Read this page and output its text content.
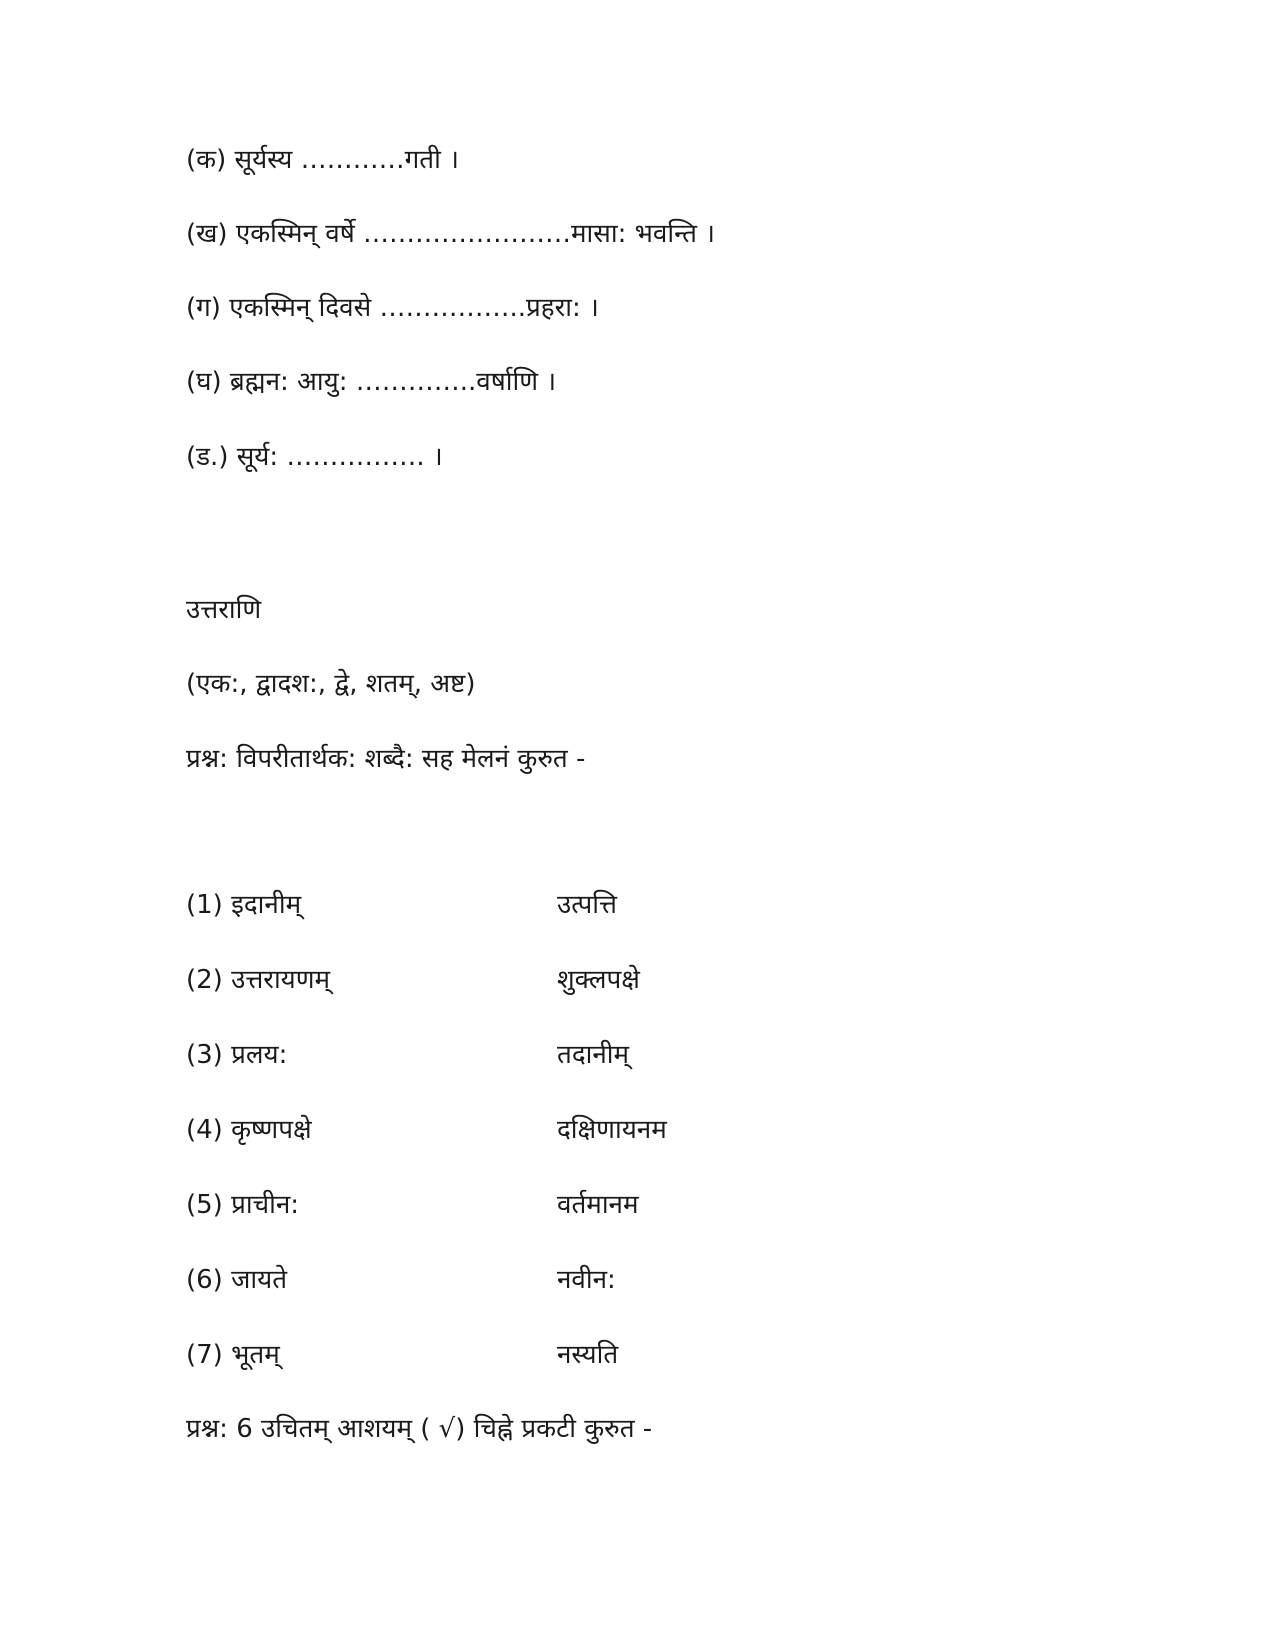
(क) सूर्यस्य …………गती ।
(ख) एकस्मिन् वर्षे ……………………मासा: भवन्ति ।
(ग) एकस्मिन् दिवसे ……………..प्रहरा: ।
(घ) ब्रह्मन: आयु: …………..वर्षाणि ।
(ड.) सूर्य: ……………. ।
उत्तराणि
(एक:, द्वादश:, द्वे, शतम्, अष्ट)
प्रश्न: विपरीतार्थक: शब्दै: सह मेलनं कुरुत -
(1) इदानीम्	उत्पत्ति
(2) उत्तरायणम्	शुक्लपक्षे
(3) प्रलय:	तदानीम्
(4) कृष्णपक्षे	दक्षिणायनम
(5) प्राचीन:	वर्तमानम
(6) जायते	नवीन:
(7) भूतम्	नस्यति
प्रश्न: 6 उचितम् आशयम् ( √) चिह्ने प्रकटी कुरुत -
